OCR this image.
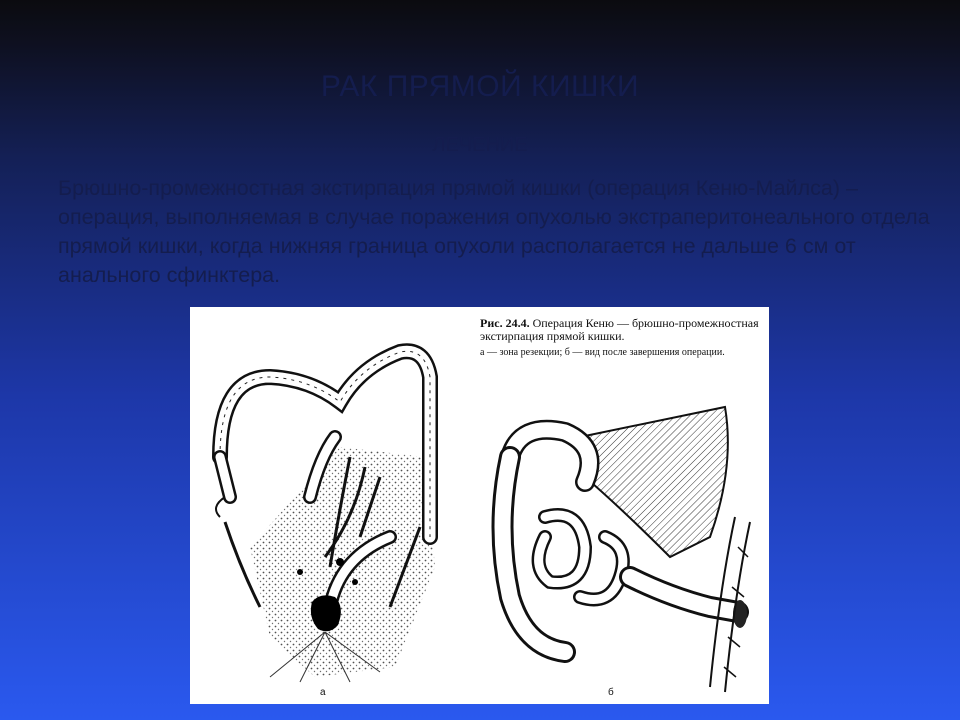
РАК ПРЯМОЙ КИШКИ
ЛЕЧЕНИЕ
Брюшно-промежностная экстирпация прямой кишки (операция Кеню-Майлса) – операция, выполняемая в случае поражения опухолью экстраперитонеального отдела прямой кишки, когда нижняя граница опухоли располагается не дальше 6 см от анального сфинктера.
Рис. 24.4. Операция Кеню — брюшно-промежностная экстирпация прямой кишки.
а — зона резекции; б — вид после завершения операции.
а	б
